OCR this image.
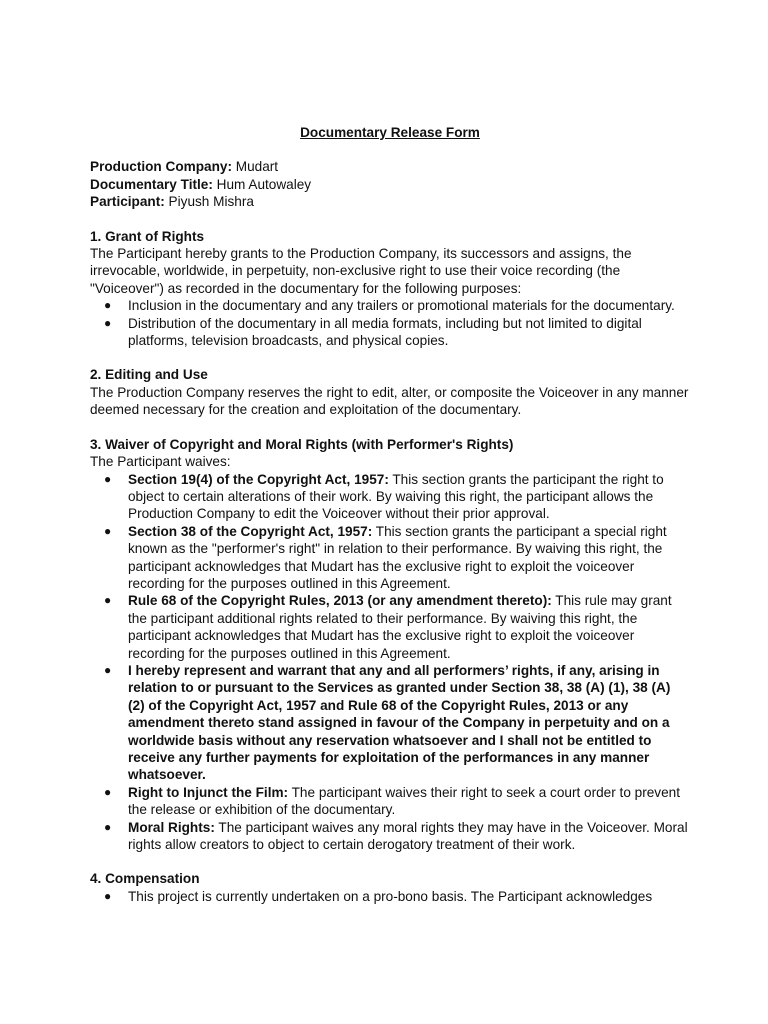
Documentary Release Form

Production Company: Mudart

Documentary Title: Hum Autowaley

Participant: Piyush Mishra

1. Grant of Rights

The Participant hereby grants to the Production Company, its successors and assigns, the irrevocable, worldwide, in perpetuity, non-exclusive right to use their voice recording (the "Voiceover") as recorded in the documentary for the following purposes:

● Inclusion in the documentary and any trailers or promotional materials for the documentary.
● Distribution of the documentary in all media formats, including but not limited to digital platforms, television broadcasts, and physical copies.

2. Editing and Use

The Production Company reserves the right to edit, alter, or composite the Voiceover in any manner deemed necessary for the creation and exploitation of the documentary.

3. Waiver of Copyright and Moral Rights (with Performer's Rights)

The Participant waives:

● Section 19(4) of the Copyright Act, 1957: This section grants the participant the right to object to certain alterations of their work. By waiving this right, the participant allows the Production Company to edit the Voiceover without their prior approval.
● Section 38 of the Copyright Act, 1957: This section grants the participant a special right known as the "performer's right" in relation to their performance. By waiving this right, the participant acknowledges that Mudart has the exclusive right to exploit the voiceover recording for the purposes outlined in this Agreement.
● Rule 68 of the Copyright Rules, 2013 (or any amendment thereto): This rule may grant the participant additional rights related to their performance. By waiving this right, the participant acknowledges that Mudart has the exclusive right to exploit the voiceover recording for the purposes outlined in this Agreement.
● I hereby represent and warrant that any and all performers’ rights, if any, arising in relation to or pursuant to the Services as granted under Section 38, 38 (A) (1), 38 (A) (2) of the Copyright Act, 1957 and Rule 68 of the Copyright Rules, 2013 or any amendment thereto stand assigned in favour of the Company in perpetuity and on a worldwide basis without any reservation whatsoever and I shall not be entitled to receive any further payments for exploitation of the performances in any manner whatsoever.
● Right to Injunct the Film: The participant waives their right to seek a court order to prevent the release or exhibition of the documentary.
● Moral Rights: The participant waives any moral rights they may have in the Voiceover. Moral rights allow creators to object to certain derogatory treatment of their work.

4. Compensation

● This project is currently undertaken on a pro-bono basis. The Participant acknowledges
